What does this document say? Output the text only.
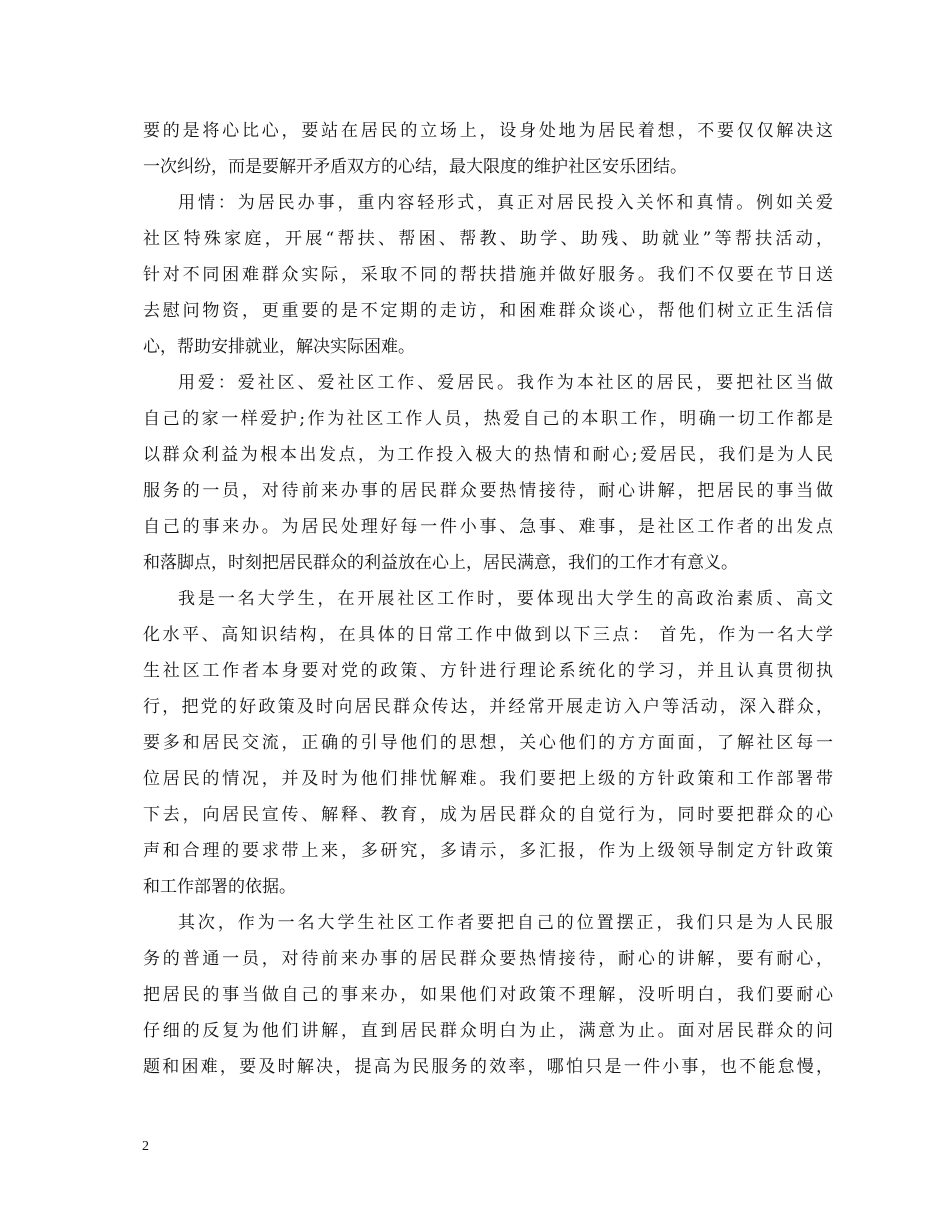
要的是将心比心，要站在居民的立场上，设身处地为居民着想，不要仅仅解决这
一次纠纷，而是要解开矛盾双方的心结，最大限度的维护社区安乐团结。
用情：为居民办事，重内容轻形式，真正对居民投入关怀和真情。例如关爱
社区特殊家庭，开展“帮扶、帮困、帮教、助学、助残、助就业”等帮扶活动，
针对不同困难群众实际，采取不同的帮扶措施并做好服务。我们不仅要在节日送
去慰问物资，更重要的是不定期的走访，和困难群众谈心，帮他们树立正生活信
心，帮助安排就业，解决实际困难。
用爱：爱社区、爱社区工作、爱居民。我作为本社区的居民，要把社区当做
自己的家一样爱护;作为社区工作人员，热爱自己的本职工作，明确一切工作都是
以群众利益为根本出发点，为工作投入极大的热情和耐心;爱居民，我们是为人民
服务的一员，对待前来办事的居民群众要热情接待，耐心讲解，把居民的事当做
自己的事来办。为居民处理好每一件小事、急事、难事，是社区工作者的出发点
和落脚点，时刻把居民群众的利益放在心上，居民满意，我们的工作才有意义。
我是一名大学生，在开展社区工作时，要体现出大学生的高政治素质、高文
化水平、高知识结构，在具体的日常工作中做到以下三点： 首先，作为一名大学
生社区工作者本身要对党的政策、方针进行理论系统化的学习，并且认真贯彻执
行，把党的好政策及时向居民群众传达，并经常开展走访入户等活动，深入群众，
要多和居民交流，正确的引导他们的思想，关心他们的方方面面，了解社区每一
位居民的情况，并及时为他们排忧解难。我们要把上级的方针政策和工作部署带
下去，向居民宣传、解释、教育，成为居民群众的自觉行为，同时要把群众的心
声和合理的要求带上来，多研究，多请示，多汇报，作为上级领导制定方针政策
和工作部署的依据。
其次，作为一名大学生社区工作者要把自己的位置摆正，我们只是为人民服
务的普通一员，对待前来办事的居民群众要热情接待，耐心的讲解，要有耐心，
把居民的事当做自己的事来办，如果他们对政策不理解，没听明白，我们要耐心
仔细的反复为他们讲解，直到居民群众明白为止，满意为止。面对居民群众的问
题和困难，要及时解决，提高为民服务的效率，哪怕只是一件小事，也不能怠慢，
2
